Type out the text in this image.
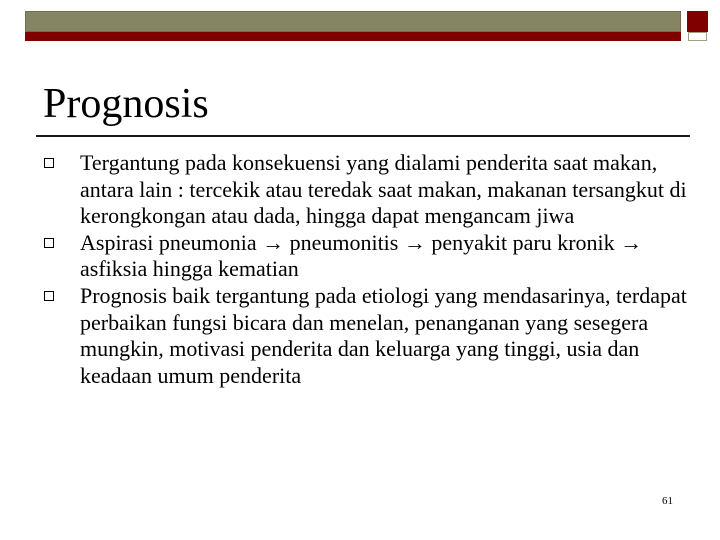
Prognosis
Tergantung pada konsekuensi yang dialami penderita saat makan, antara lain : tercekik atau teredak saat makan, makanan tersangkut di kerongkongan atau dada, hingga dapat mengancam jiwa
Aspirasi pneumonia → pneumonitis → penyakit paru kronik → asfiksia hingga kematian
Prognosis baik tergantung pada etiologi yang mendasarinya, terdapat perbaikan fungsi bicara dan menelan, penanganan yang sesegera mungkin, motivasi penderita dan keluarga yang tinggi, usia dan keadaan umum penderita
61
